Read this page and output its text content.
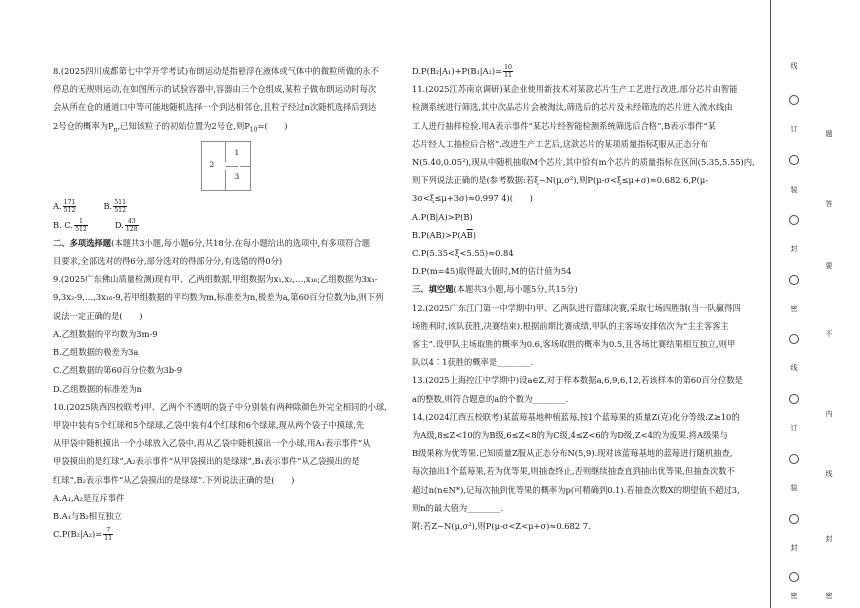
8.(2025四川成都第七中学开学考试)布朗运动是指悬浮在液体或气体中的微粒所做的永不

停息的无规则运动,在如图所示的试验容器中,容器由三个仓组成,某粒子做布朗运动时每次

会从所在仓的通道口中等可能地随机选择一个到达相邻仓,且粒子经过n次随机选择后到达

2号仓的概率为$P_n$,已知该粒子的初始位置为2号仓,则$P_{10}=$(　　)

2
1
3
A. $\frac{171}{512}$	B. $\frac{511}{512}$
B. C. $\frac{1}{512}$	D. $\frac{43}{128}$

二、多项选择题(本题共3小题,每小题6分,共18分.在每小题给出的选项中,有多项符合题

目要求,全部选对的得6分,部分选对的得部分分,有选错的得0分)

9.(2025广东佛山质量检测)现有甲、乙两组数据,甲组数据为x₁,x₂,…,x₁₆;乙组数据为3x₁-

9,3x₂-9,…,3x₁₆-9,若甲组数据的平均数为m,标准差为n,极差为a,第60百分位数为b,则下列

说法一定正确的是(　　)

A.乙组数据的平均数为3m-9

B.乙组数据的极差为3a

C.乙组数据的第60百分位数为3b-9

D.乙组数据的标准差为n

10.(2025陕西四校联考)甲、乙两个不透明的袋子中分别装有两种除颜色外完全相同的小球,

甲袋中装有5个红球和5个绿球,乙袋中装有4个红球和6个绿球,现从两个袋子中摸球,先

从甲袋中随机摸出一个小球放入乙袋中,再从乙袋中随机摸出一个小球,用A₁表示事件“从

甲袋摸出的是红球”,A₂表示事件“从甲袋摸出的是绿球”,B₁表示事件“从乙袋摸出的是

红球”,B₂表示事件“从乙袋摸出的是绿球”.下列说法正确的是(　　)

A.A₁,A₂是互斥事件

B.A₁与B₂相互独立

$C.P(B_2|A_2)= \frac{7}{11}$

$D.P(B_2|A_1)+P(B_1|A_2)= \frac{10}{11}$

11.(2025江苏南京调研)某企业使用新技术对某款芯片生产工艺进行改进,部分芯片由智能

检测系统进行筛选,其中次品芯片会被淘汰,筛选后的芯片及未经筛选的芯片进入流水线由

工人进行抽样检验.用A表示事件“某芯片经智能检测系统筛选后合格”,B表示事件“某

芯片经人工抽检后合格”.改进生产工艺后,这款芯片的某项质量指标ξ服从正态分布

N(5.40,0.05²),现从中随机抽取M个芯片,其中恰有m个芯片的质量指标在区间(5.35,5.55)内,

则下列说法正确的是(参考数据:若ξ~N(μ,σ²),则P(μ-σ<ξ≤μ+σ)≈0.682 6,P(μ-

3σ<ξ≤μ+3σ)≈0.997 4)(　　)

A.P(B|A)>P(B)

$B.P(AB)>P(A\overline{B})$

C.P(5.35<ξ<5.55)≈0.84

D.P(m=45)取得最大值时,M的估计值为54

三、填空题(本题共3小题,每小题5分,共15分)

12.(2025广东江门第一中学期中)甲、乙两队进行篮球决赛,采取七场四胜制(当一队赢得四

场胜利时,该队获胜,决赛结束).根据前期比赛成绩,甲队的主客场安排依次为“主主客客主

客主”.设甲队主场取胜的概率为0.6,客场取胜的概率为0.5,且各场比赛结果相互独立,则甲

队以4∶1获胜的概率是________.

13.(2025上海控江中学期中)设a∈Z,对于样本数据a,6,9,6,12,若该样本的第60百分位数是

a的整数,则符合题意的a的个数为________.

14.(2024江西五校联考)某蓝莓基地种植蓝莓,按1个蓝莓果的质量Z(克)化分等级:Z≥10的

为A级,8≤Z<10的为B级,6≤Z<8的为C级,4≤Z<6的为D级,Z<4的为废果.将A级果与

B级果称为优等果.已知质量Z服从正态分布N(5,9).现对该蓝莓基地的蓝莓进行随机抽查,

每次抽出1个蓝莓果,若为优等果,则抽查终止,否则继续抽查直到抽出优等果,但抽查次数不

超过n(n∈N*),记每次抽到优等果的概率为p(可精确到0.1).若抽查次数X的期望值不超过3,

则n的最大值为________.

附:若Z~N(μ,σ²),则P(μ-σ<Z<μ+σ)≈0.682 7.

线
订
装
封
密
线
订
装
封
密
题
答
要
不
内
线
封
密
